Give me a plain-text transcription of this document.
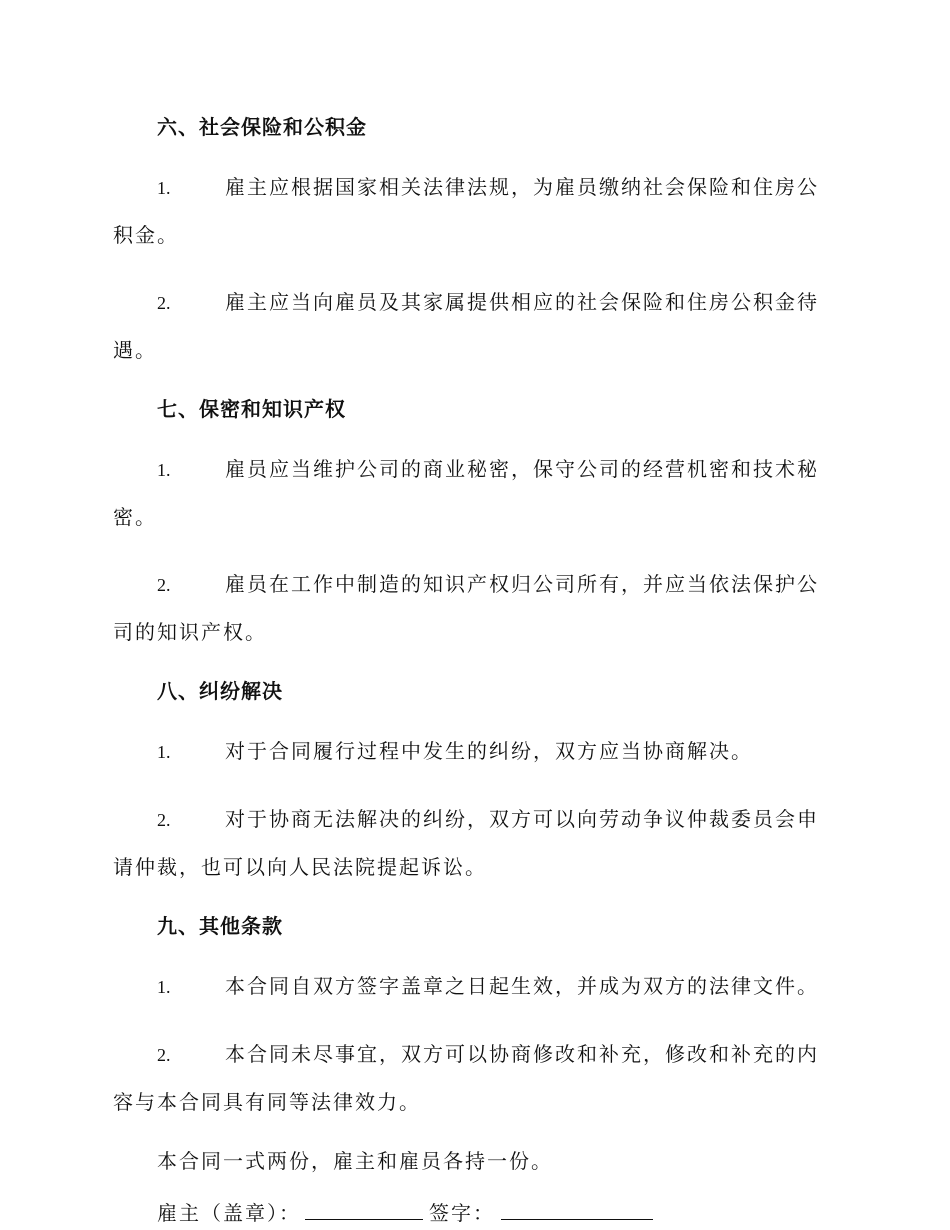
六、社会保险和公积金
1.	雇主应根据国家相关法律法规，为雇员缴纳社会保险和住房公积金。
2.	雇主应当向雇员及其家属提供相应的社会保险和住房公积金待遇。
七、保密和知识产权
1.	雇员应当维护公司的商业秘密，保守公司的经营机密和技术秘密。
2.	雇员在工作中制造的知识产权归公司所有，并应当依法保护公司的知识产权。
八、纠纷解决
1.	对于合同履行过程中发生的纠纷，双方应当协商解决。
2.	对于协商无法解决的纠纷，双方可以向劳动争议仲裁委员会申请仲裁，也可以向人民法院提起诉讼。
九、其他条款
1.	本合同自双方签字盖章之日起生效，并成为双方的法律文件。
2.	本合同未尽事宜，双方可以协商修改和补充，修改和补充的内容与本合同具有同等法律效力。
本合同一式两份，雇主和雇员各持一份。
雇主（盖章）：	签字：
